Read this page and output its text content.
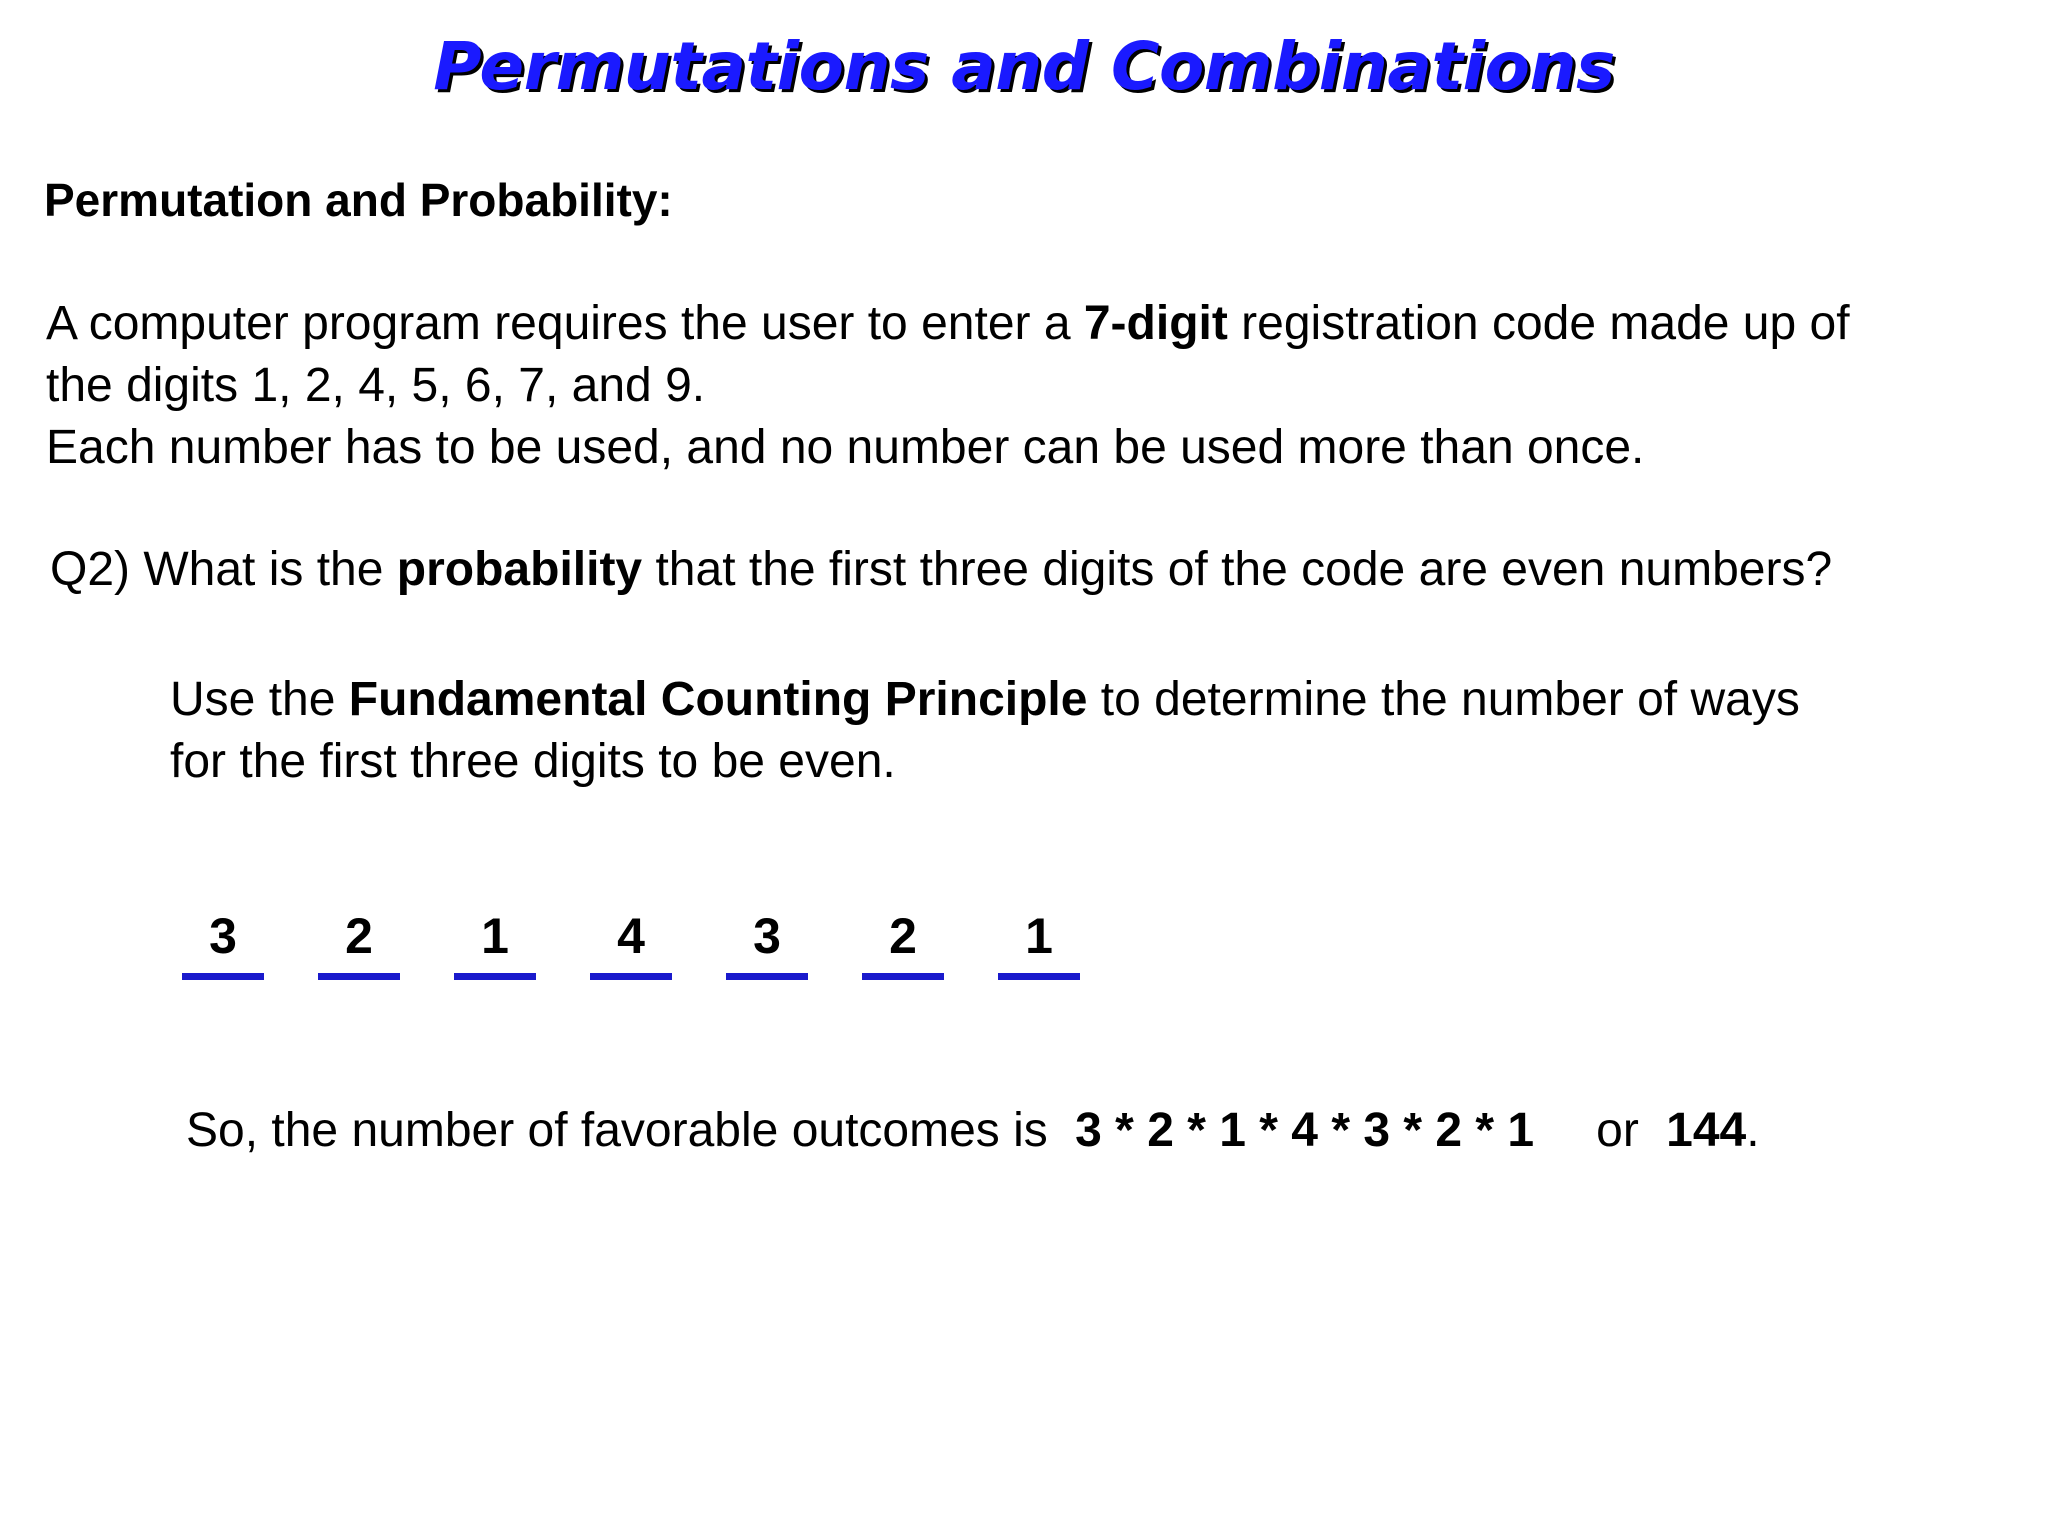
Permutations and Combinations
Permutation and Probability:
A computer program requires the user to enter a 7-digit registration code made up of
the digits 1, 2, 4, 5, 6, 7, and 9.
Each number has to be used, and no number can be used more than once.
Q2) What is the probability that the first three digits of the code are even numbers?
Use the Fundamental Counting Principle to determine the number of ways
for the first three digits to be even.
3	2	1	4	3	2	1
So, the number of favorable outcomes is 3 * 2 * 1 * 4 * 3 * 2 * 1 or 144.
